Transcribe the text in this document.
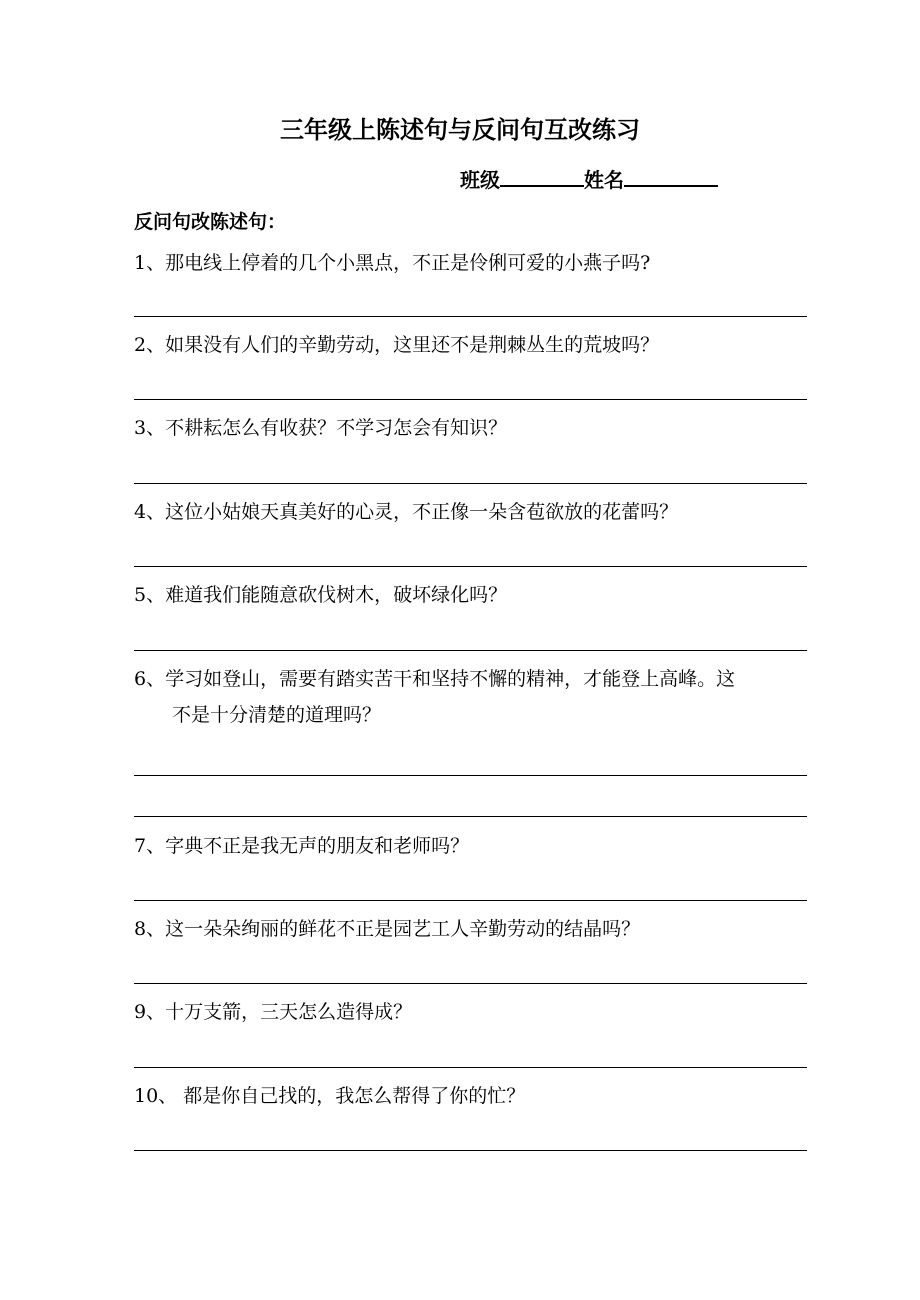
三年级上陈述句与反问句互改练习
班级	姓名
反问句改陈述句：
1、那电线上停着的几个小黑点，不正是伶俐可爱的小燕子吗?
2、如果没有人们的辛勤劳动，这里还不是荆棘丛生的荒坡吗？
3、不耕耘怎么有收获？不学习怎会有知识？
4、这位小姑娘天真美好的心灵，不正像一朵含苞欲放的花蕾吗？
5、难道我们能随意砍伐树木，破坏绿化吗？
6、学习如登山，需要有踏实苦干和坚持不懈的精神，才能登上高峰。这
不是十分清楚的道理吗？
7、字典不正是我无声的朋友和老师吗？
8、这一朵朵绚丽的鲜花不正是园艺工人辛勤劳动的结晶吗？
9、十万支箭，三天怎么造得成？
10、 都是你自己找的，我怎么帮得了你的忙？
